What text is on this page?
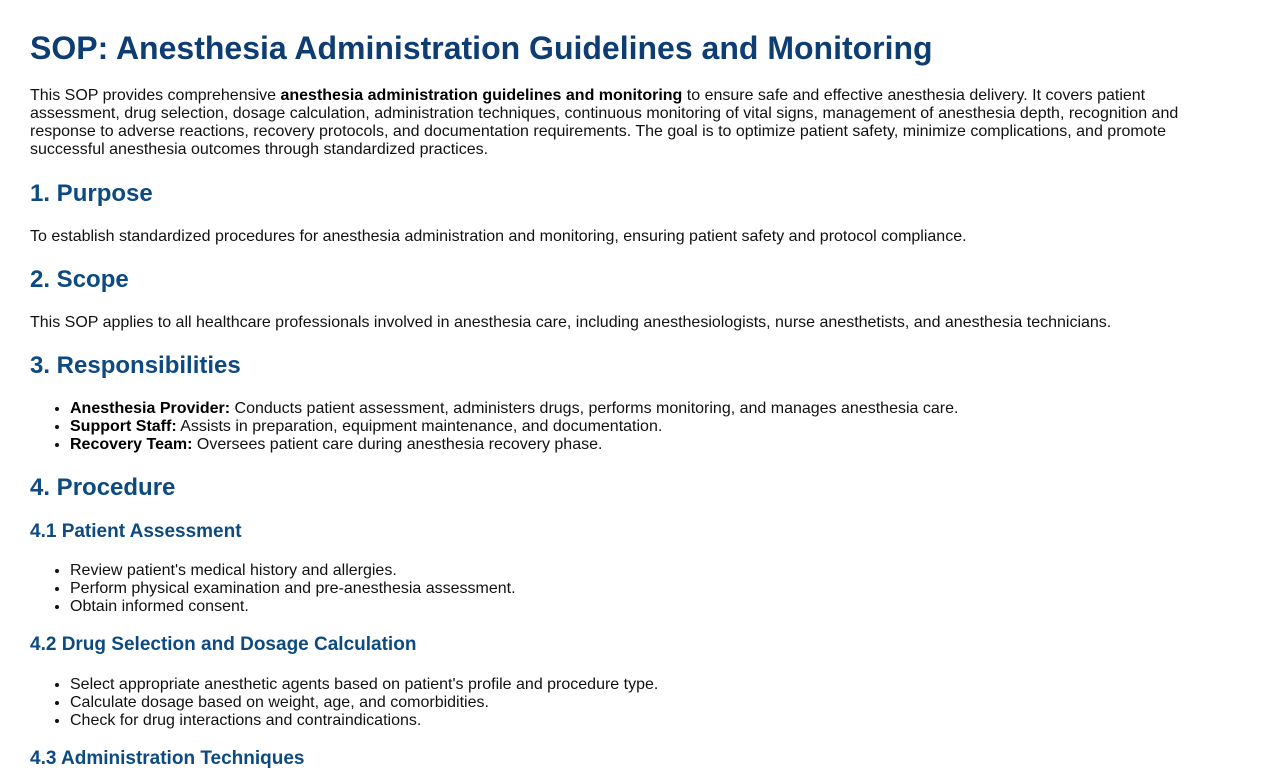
SOP: Anesthesia Administration Guidelines and Monitoring

This SOP provides comprehensive anesthesia administration guidelines and monitoring to ensure safe and effective anesthesia delivery. It covers patient assessment, drug selection, dosage calculation, administration techniques, continuous monitoring of vital signs, management of anesthesia depth, recognition and response to adverse reactions, recovery protocols, and documentation requirements. The goal is to optimize patient safety, minimize complications, and promote successful anesthesia outcomes through standardized practices.

1. Purpose

To establish standardized procedures for anesthesia administration and monitoring, ensuring patient safety and protocol compliance.

2. Scope

This SOP applies to all healthcare professionals involved in anesthesia care, including anesthesiologists, nurse anesthetists, and anesthesia technicians.

3. Responsibilities
• Anesthesia Provider: Conducts patient assessment, administers drugs, performs monitoring, and manages anesthesia care.
• Support Staff: Assists in preparation, equipment maintenance, and documentation.
• Recovery Team: Oversees patient care during anesthesia recovery phase.
4. Procedure
4.1 Patient Assessment
• Review patient's medical history and allergies.
• Perform physical examination and pre-anesthesia assessment.
• Obtain informed consent.
4.2 Drug Selection and Dosage Calculation
• Select appropriate anesthetic agents based on patient's profile and procedure type.
• Calculate dosage based on weight, age, and comorbidities.
• Check for drug interactions and contraindications.
4.3 Administration Techniques
